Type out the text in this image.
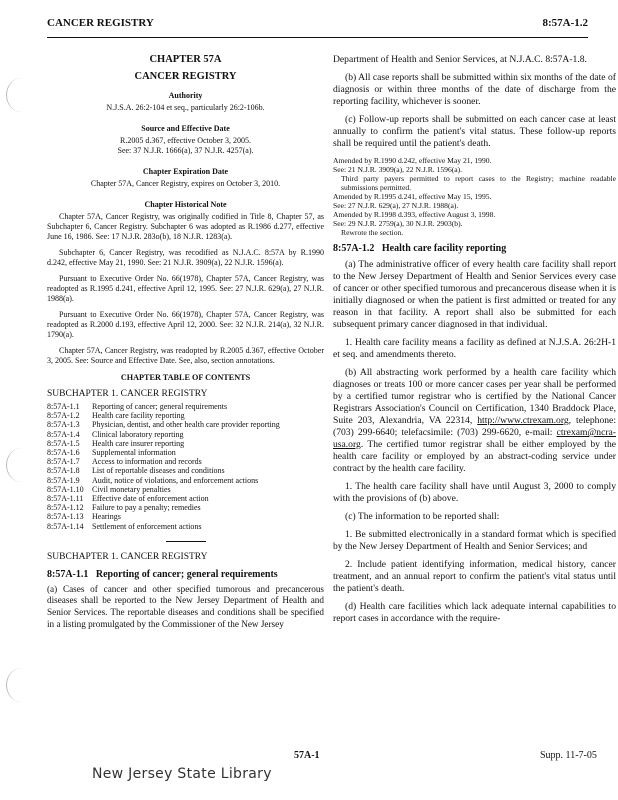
CANCER REGISTRY	8:57A-1.2
CHAPTER 57A
CANCER REGISTRY
Authority
N.J.S.A. 26:2-104 et seq., particularly 26:2-106b.
Source and Effective Date
R.2005 d.367, effective October 3, 2005.
See: 37 N.J.R. 1666(a), 37 N.J.R. 4257(a).
Chapter Expiration Date
Chapter 57A, Cancer Registry, expires on October 3, 2010.
Chapter Historical Note

Chapter 57A, Cancer Registry, was originally codified in Title 8, Chapter 57, as Subchapter 6, Cancer Registry. Subchapter 6 was adopted as R.1986 d.277, effective June 16, 1986. See: 17 N.J.R. 283o(b), 18 N.J.R. 1283(a).

Subchapter 6, Cancer Registry, was recodified as N.J.A.C. 8:57A by R.1990 d.242, effective May 21, 1990. See: 21 N.J.R. 3909(a), 22 N.J.R. 1596(a).

Pursuant to Executive Order No. 66(1978), Chapter 57A, Cancer Registry, was readopted as R.1995 d.241, effective April 12, 1995. See: 27 N.J.R. 629(a), 27 N.J.R. 1988(a).

Pursuant to Executive Order No. 66(1978), Chapter 57A, Cancer Registry, was readopted as R.2000 d.193, effective April 12, 2000. See: 32 N.J.R. 214(a), 32 N.J.R. 1790(a).

Chapter 57A, Cancer Registry, was readopted by R.2005 d.367, effective October 3, 2005. See: Source and Effective Date. See, also, section annotations.

CHAPTER TABLE OF CONTENTS
SUBCHAPTER 1. CANCER REGISTRY
8:57A-1.1	Reporting of cancer; general requirements
8:57A-1.2	Health care facility reporting
8:57A-1.3	Physician, dentist, and other health care provider reporting
8:57A-1.4	Clinical laboratory reporting
8:57A-1.5	Health care insurer reporting
8:57A-1.6	Supplemental information
8:57A-1.7	Access to information and records
8:57A-1.8	List of reportable diseases and conditions
8:57A-1.9	Audit, notice of violations, and enforcement actions
8:57A-1.10	Civil monetary penalties
8:57A-1.11	Effective date of enforcement action
8:57A-1.12	Failure to pay a penalty; remedies
8:57A-1.13	Hearings
8:57A-1.14	Settlement of enforcement actions
SUBCHAPTER 1. CANCER REGISTRY
8:57A-1.1 Reporting of cancer; general requirements

(a) Cases of cancer and other specified tumorous and precancerous diseases shall be reported to the New Jersey Department of Health and Senior Services. The reportable diseases and conditions shall be specified in a listing promulgated by the Commissioner of the New Jersey

Department of Health and Senior Services, at N.J.A.C. 8:57A-1.8.

(b) All case reports shall be submitted within six months of the date of diagnosis or within three months of the date of discharge from the reporting facility, whichever is sooner.

(c) Follow-up reports shall be submitted on each cancer case at least annually to confirm the patient's vital status. These follow-up reports shall be required until the patient's death.

Amended by R.1990 d.242, effective May 21, 1990.
See: 21 N.J.R. 3909(a), 22 N.J.R. 1596(a).
Third party payers permitted to report cases to the Registry; machine readable submissions permitted.
Amended by R.1995 d.241, effective May 15, 1995.
See: 27 N.J.R. 629(a), 27 N.J.R. 1988(a).
Amended by R.1998 d.393, effective August 3, 1998.
See: 29 N.J.R. 2759(a), 30 N.J.R. 2903(b).
Rewrote the section.
8:57A-1.2 Health care facility reporting

(a) The administrative officer of every health care facility shall report to the New Jersey Department of Health and Senior Services every case of cancer or other specified tumorous and precancerous disease when it is initially diagnosed or when the patient is first admitted or treated for any reason in that facility. A report shall also be submitted for each subsequent primary cancer diagnosed in that individual.

1. Health care facility means a facility as defined at N.J.S.A. 26:2H-1 et seq. and amendments thereto.

(b) All abstracting work performed by a health care facility which diagnoses or treats 100 or more cancer cases per year shall be performed by a certified tumor registrar who is certified by the National Cancer Registrars Association's Council on Certification, 1340 Braddock Place, Suite 203, Alexandria, VA 22314, http://www.ctrexam.org, telephone: (703) 299-6640; telefacsimile: (703) 299-6620, e-mail: ctrexam@ncra-usa.org. The certified tumor registrar shall be either employed by the health care facility or employed by an abstract-coding service under contract by the health care facility.

1. The health care facility shall have until August 3, 2000 to comply with the provisions of (b) above.

(c) The information to be reported shall:

1. Be submitted electronically in a standard format which is specified by the New Jersey Department of Health and Senior Services; and

2. Include patient identifying information, medical history, cancer treatment, and an annual report to confirm the patient's vital status until the patient's death.

(d) Health care facilities which lack adequate internal capabilities to report cases in accordance with the require-

57A-1	Supp. 11-7-05
New Jersey State Library
